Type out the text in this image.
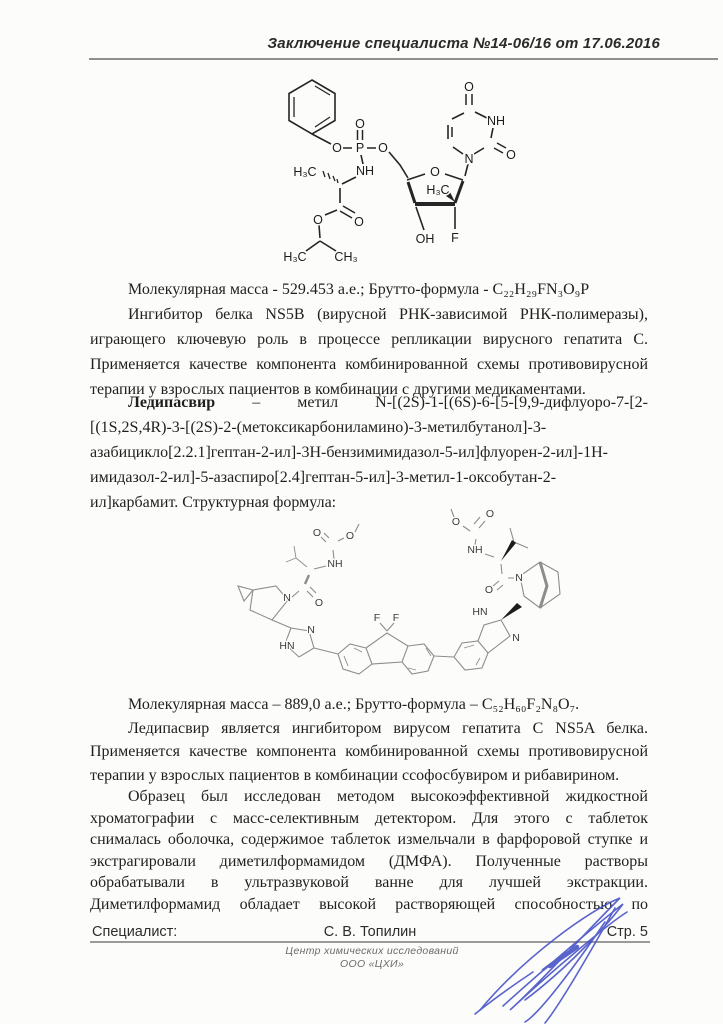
Заключение специалиста №14-06/16 от 17.06.2016
O P
O
O
NH
H₃C
O	O
H₃C CH₃
O
H₃C
OH F
N
NH
O
O
Молекулярная масса - 529.453 а.е.; Брутто-формула - C₂₂H₂₉FN₃O₉P
Ингибитор белка NS5B (вирусной РНК-зависимой РНК-полимеразы),
играющего ключевую роль в процессе репликации вирусного гепатита С.
Применяется качестве компонента комбинированной схемы противовирусной
терапии у взрослых пациентов в комбинации с другими медикаментами.
Ледипасвир – метил N-[(2S)-1-[(6S)-6-[5-[9,9-дифлуоро-7-[2-
[(1S,2S,4R)-3-[(2S)-2-(метоксикарбониламино)-3-метилбутанол]-3-
азабицикло[2.2.1]гептан-2-ил]-3Н-бензимимидазол-5-ил]флуорен-2-ил]-1Н-
имидазол-2-ил]-5-азаспиро[2.4]гептан-5-ил]-3-метил-1-оксобутан-2-
ил]карбамит. Структурная формула:
F F	HN
N
N
O
NH
O
O
N O
N
HN
NH
O O
Молекулярная масса – 889,0 а.е.; Брутто-формула – C₅₂H₆₀F₂N₈O₇.
Ледипасвир является ингибитором вирусом гепатита С NS5A белка.
Применяется качестве компонента комбинированной схемы противовирусной
терапии у взрослых пациентов в комбинации ссофосбувиром и рибавирином.
Образец был исследован методом высокоэффективной жидкостной
хроматографии с масс-селективным детектором. Для этого с таблеток
снималась оболочка, содержимое таблеток измельчали в фарфоровой ступке и
экстрагировали диметилформамидом (ДМФА). Полученные растворы
обрабатывали в ультразвуковой ванне для лучшей экстракции.
Диметилформамид обладает высокой растворяющей способностью по
Специалист:	С. В. Топилин	Стр. 5
Центр химических исследований
ООО «ЦХИ»
